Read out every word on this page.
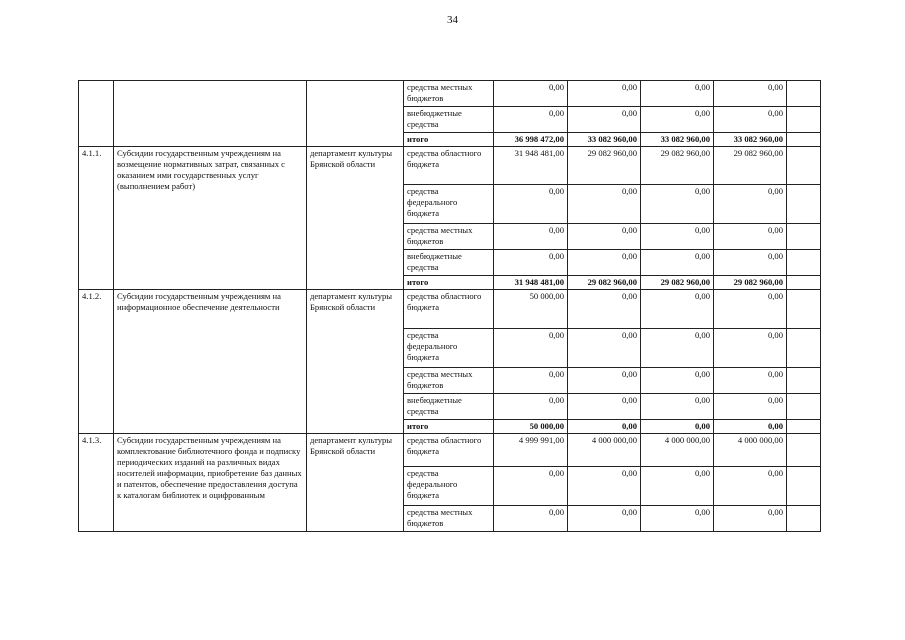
34
			средства местных бюджетов	0,00	0,00	0,00	0,00	
			внебюджетные средства	0,00	0,00	0,00	0,00	
			итого	36 998 472,00	33 082 960,00	33 082 960,00	33 082 960,00	
4.1.1.	Субсидии государственным учреждениям на возмещение нормативных затрат, связанных с оказанием ими государственных услуг (выполнением работ)	департамент культуры Брянской области	средства областного бюджета	31 948 481,00	29 082 960,00	29 082 960,00	29 082 960,00	
			средства федерального бюджета	0,00	0,00	0,00	0,00	
			средства местных бюджетов	0,00	0,00	0,00	0,00	
			внебюджетные средства	0,00	0,00	0,00	0,00	
			итого	31 948 481,00	29 082 960,00	29 082 960,00	29 082 960,00	
4.1.2.	Субсидии государственным учреждениям на информационное обеспечение деятельности	департамент культуры Брянской области	средства областного бюджета	50 000,00	0,00	0,00	0,00	
			средства федерального бюджета	0,00	0,00	0,00	0,00	
			средства местных бюджетов	0,00	0,00	0,00	0,00	
			внебюджетные средства	0,00	0,00	0,00	0,00	
			итого	50 000,00	0,00	0,00	0,00	
4.1.3.	Субсидии государственным учреждениям на комплектование библиотечного фонда и подписку периодических изданий на различных видах носителей информации, приобретение баз данных и патентов, обеспечение предоставления доступа к каталогам библиотек и оцифрованным	департамент культуры Брянской области	средства областного бюджета	4 999 991,00	4 000 000,00	4 000 000,00	4 000 000,00	
			средства федерального бюджета	0,00	0,00	0,00	0,00	
			средства местных бюджетов	0,00	0,00	0,00	0,00	
